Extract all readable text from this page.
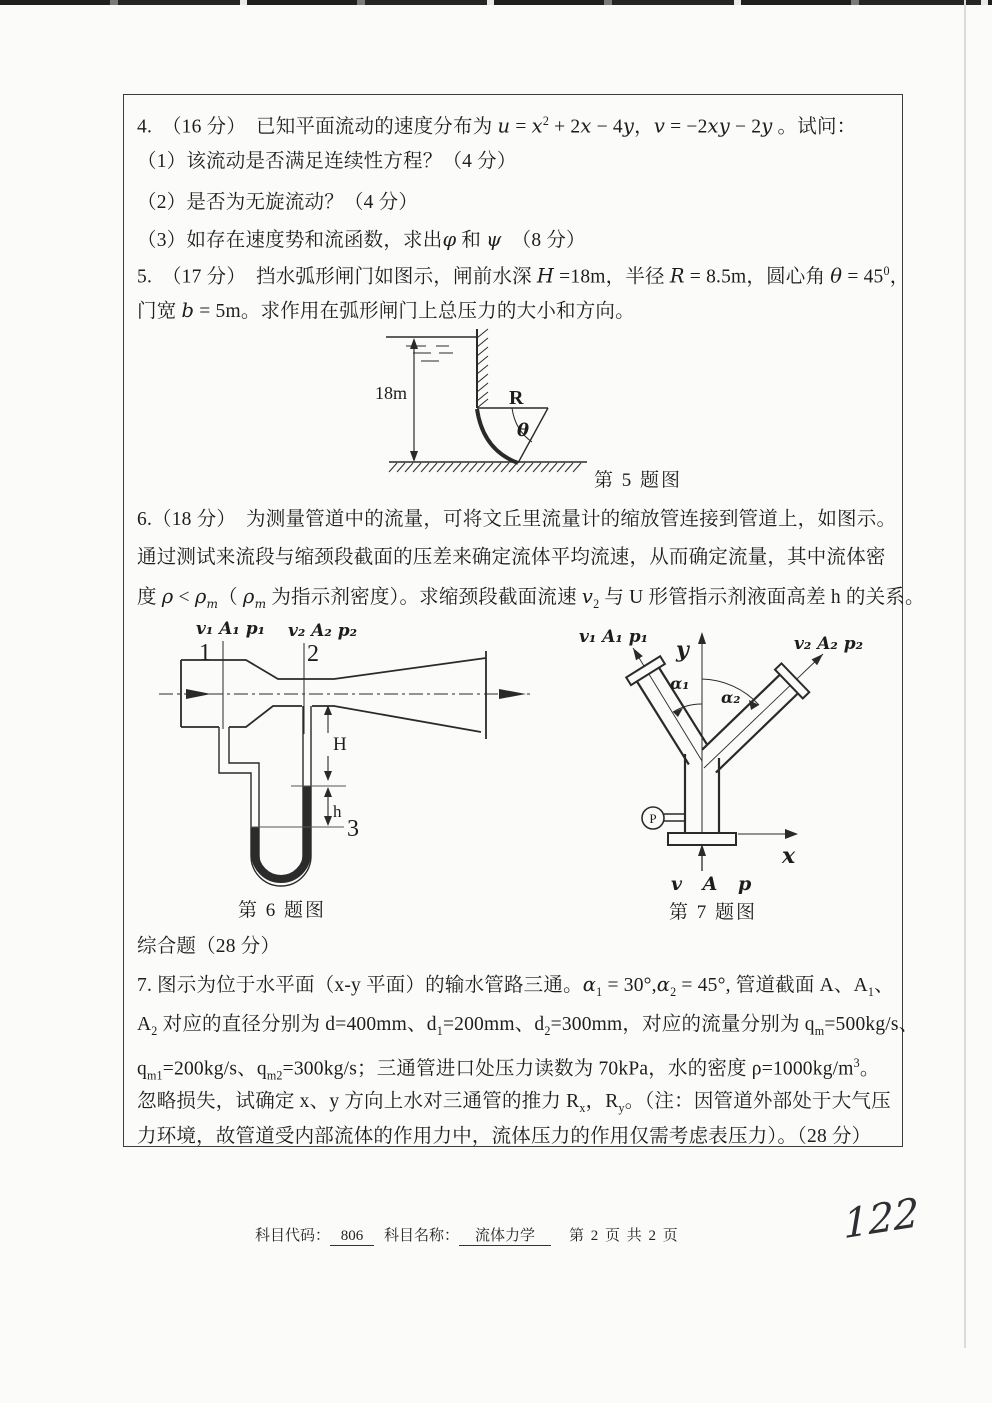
4.　（16 分）　已知平面流动的速度分布为 $u = x^2 + 2x - 4y$，v = −2xy − 2y 。试问：
（1）该流动是否满足连续性方程？（4 分）
（2）是否为无旋流动？（4 分）
（3）如存在速度势和流函数，求出φ 和 ψ　（8 分）
5.　（17 分）　挡水弧形闸门如图示，闸前水深 H =18m，半径 R = 8.5m，圆心角 $\theta = 45^0$，
门宽 b = 5m。求作用在弧形闸门上总压力的大小和方向。
18m	R
θ
第 5 题图
6.（18 分）　为测量管道中的流量，可将文丘里流量计的缩放管连接到管道上，如图示。
通过测试来流段与缩颈段截面的压差来确定流体平均流速，从而确定流量，其中流体密
度 $\rho < \rho_m$（ $\rho_m$ 为指示剂密度）。求缩颈段截面流速 $v_2$ 与 U 形管指示剂液面高差 h 的关系。
v₁ A₁ p₁ v₂ A₂ p₂
1	2
H
h
3
第 6 题图
v₁ A₁ p₁	v₂ A₂ p₂
y
α₁
α₂
P
x
v A p
第 7 题图
综合题（28 分）
7. 图示为位于水平面（x-y 平面）的输水管路三通。$\alpha_1 = 30^\circ,\alpha_2 = 45^\circ$, 管道截面 A、$A_1$、
$A_2$ 对应的直径分别为 d=400mm、$d_1=200mm$、$d_2=300mm$，对应的流量分别为 $q_m=500kg/s$、
$q_{m1}=200kg/s$、$q_{m2}=300kg/s$；三通管进口处压力读数为 70kPa，水的密度 $\rho=1000kg/m^3$。
忽略损失，试确定 x、y 方向上水对三通管的推力 $R_x$，$R_y$。（注：因管道外部处于大气压
力环境，故管道受内部流体的作用力中，流体压力的作用仅需考虑表压力）。（28 分）
科目代码： 806	科目名称：	流体力学	第 2 页 共 2 页	122
